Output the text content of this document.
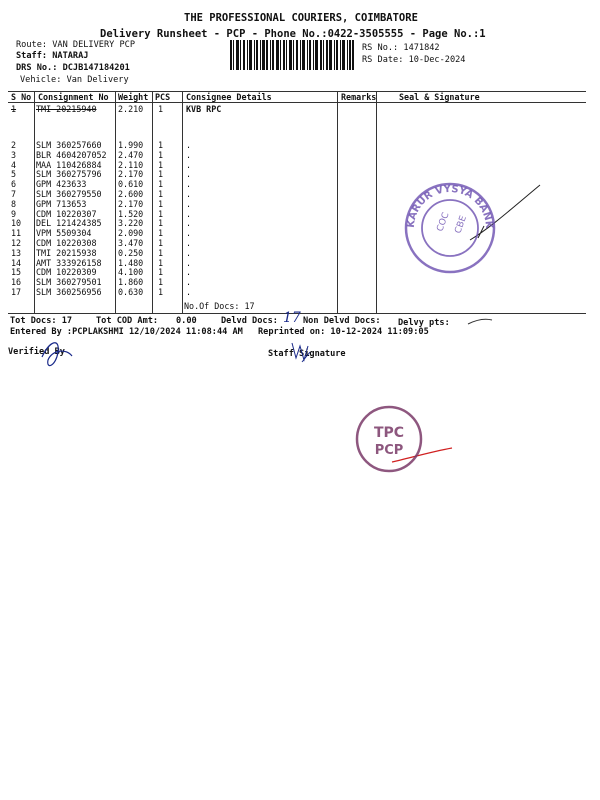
THE PROFESSIONAL COURIERS, COIMBATORE
Delivery Runsheet - PCP - Phone No.:0422-3505555 - Page No.:1
Route: VAN DELIVERY PCP
Staff: NATARAJ
DRS No.: DCJB147184201
Vehicle: Van Delivery
RS No.: 1471842
RS Date: 10-Dec-2024
S No Consignment No Weight PCS Consignee Details	Remarks	Seal & Signature
1 TMI 20215940	2.210 1	KVB RPC
2 SLM 360257660 1.990 1	.
3 BLR 4604207052 2.470 1	.
4 MAA 110426884 2.110 1	.
5 SLM 360275796 2.170 1	.
6 GPM 423633	0.610 1	.
7 SLM 360279550 2.600 1	.
8 GPM 713653	2.170 1	.
9 CDM 10220307	1.520 1	.
10 DEL 121424385 3.220 1	.
11 VPM 5509304	2.090 1	.
12 CDM 10220308	3.470 1	.
13 TMI 20215938	0.250 1	.
14 AMT 333926158 1.480 1	.
15 CDM 10220309	4.100 1	.
16 SLM 360279501 1.860 1	.
17 SLM 360256956 0.630 1	.
No.Of Docs: 17
Tot Docs: 17	Tot COD Amt: 0.00	Delvd Docs: 17 Non Delvd Docs: Delvy pts:
Entered By :PCPLAKSHMI 12/10/2024 11:08:44 AM Reprinted on: 10-12-2024 11:09:05
Verified By	Staff Signature
KARUR VYSYA BANK
COC CBE
TPC
PCP
